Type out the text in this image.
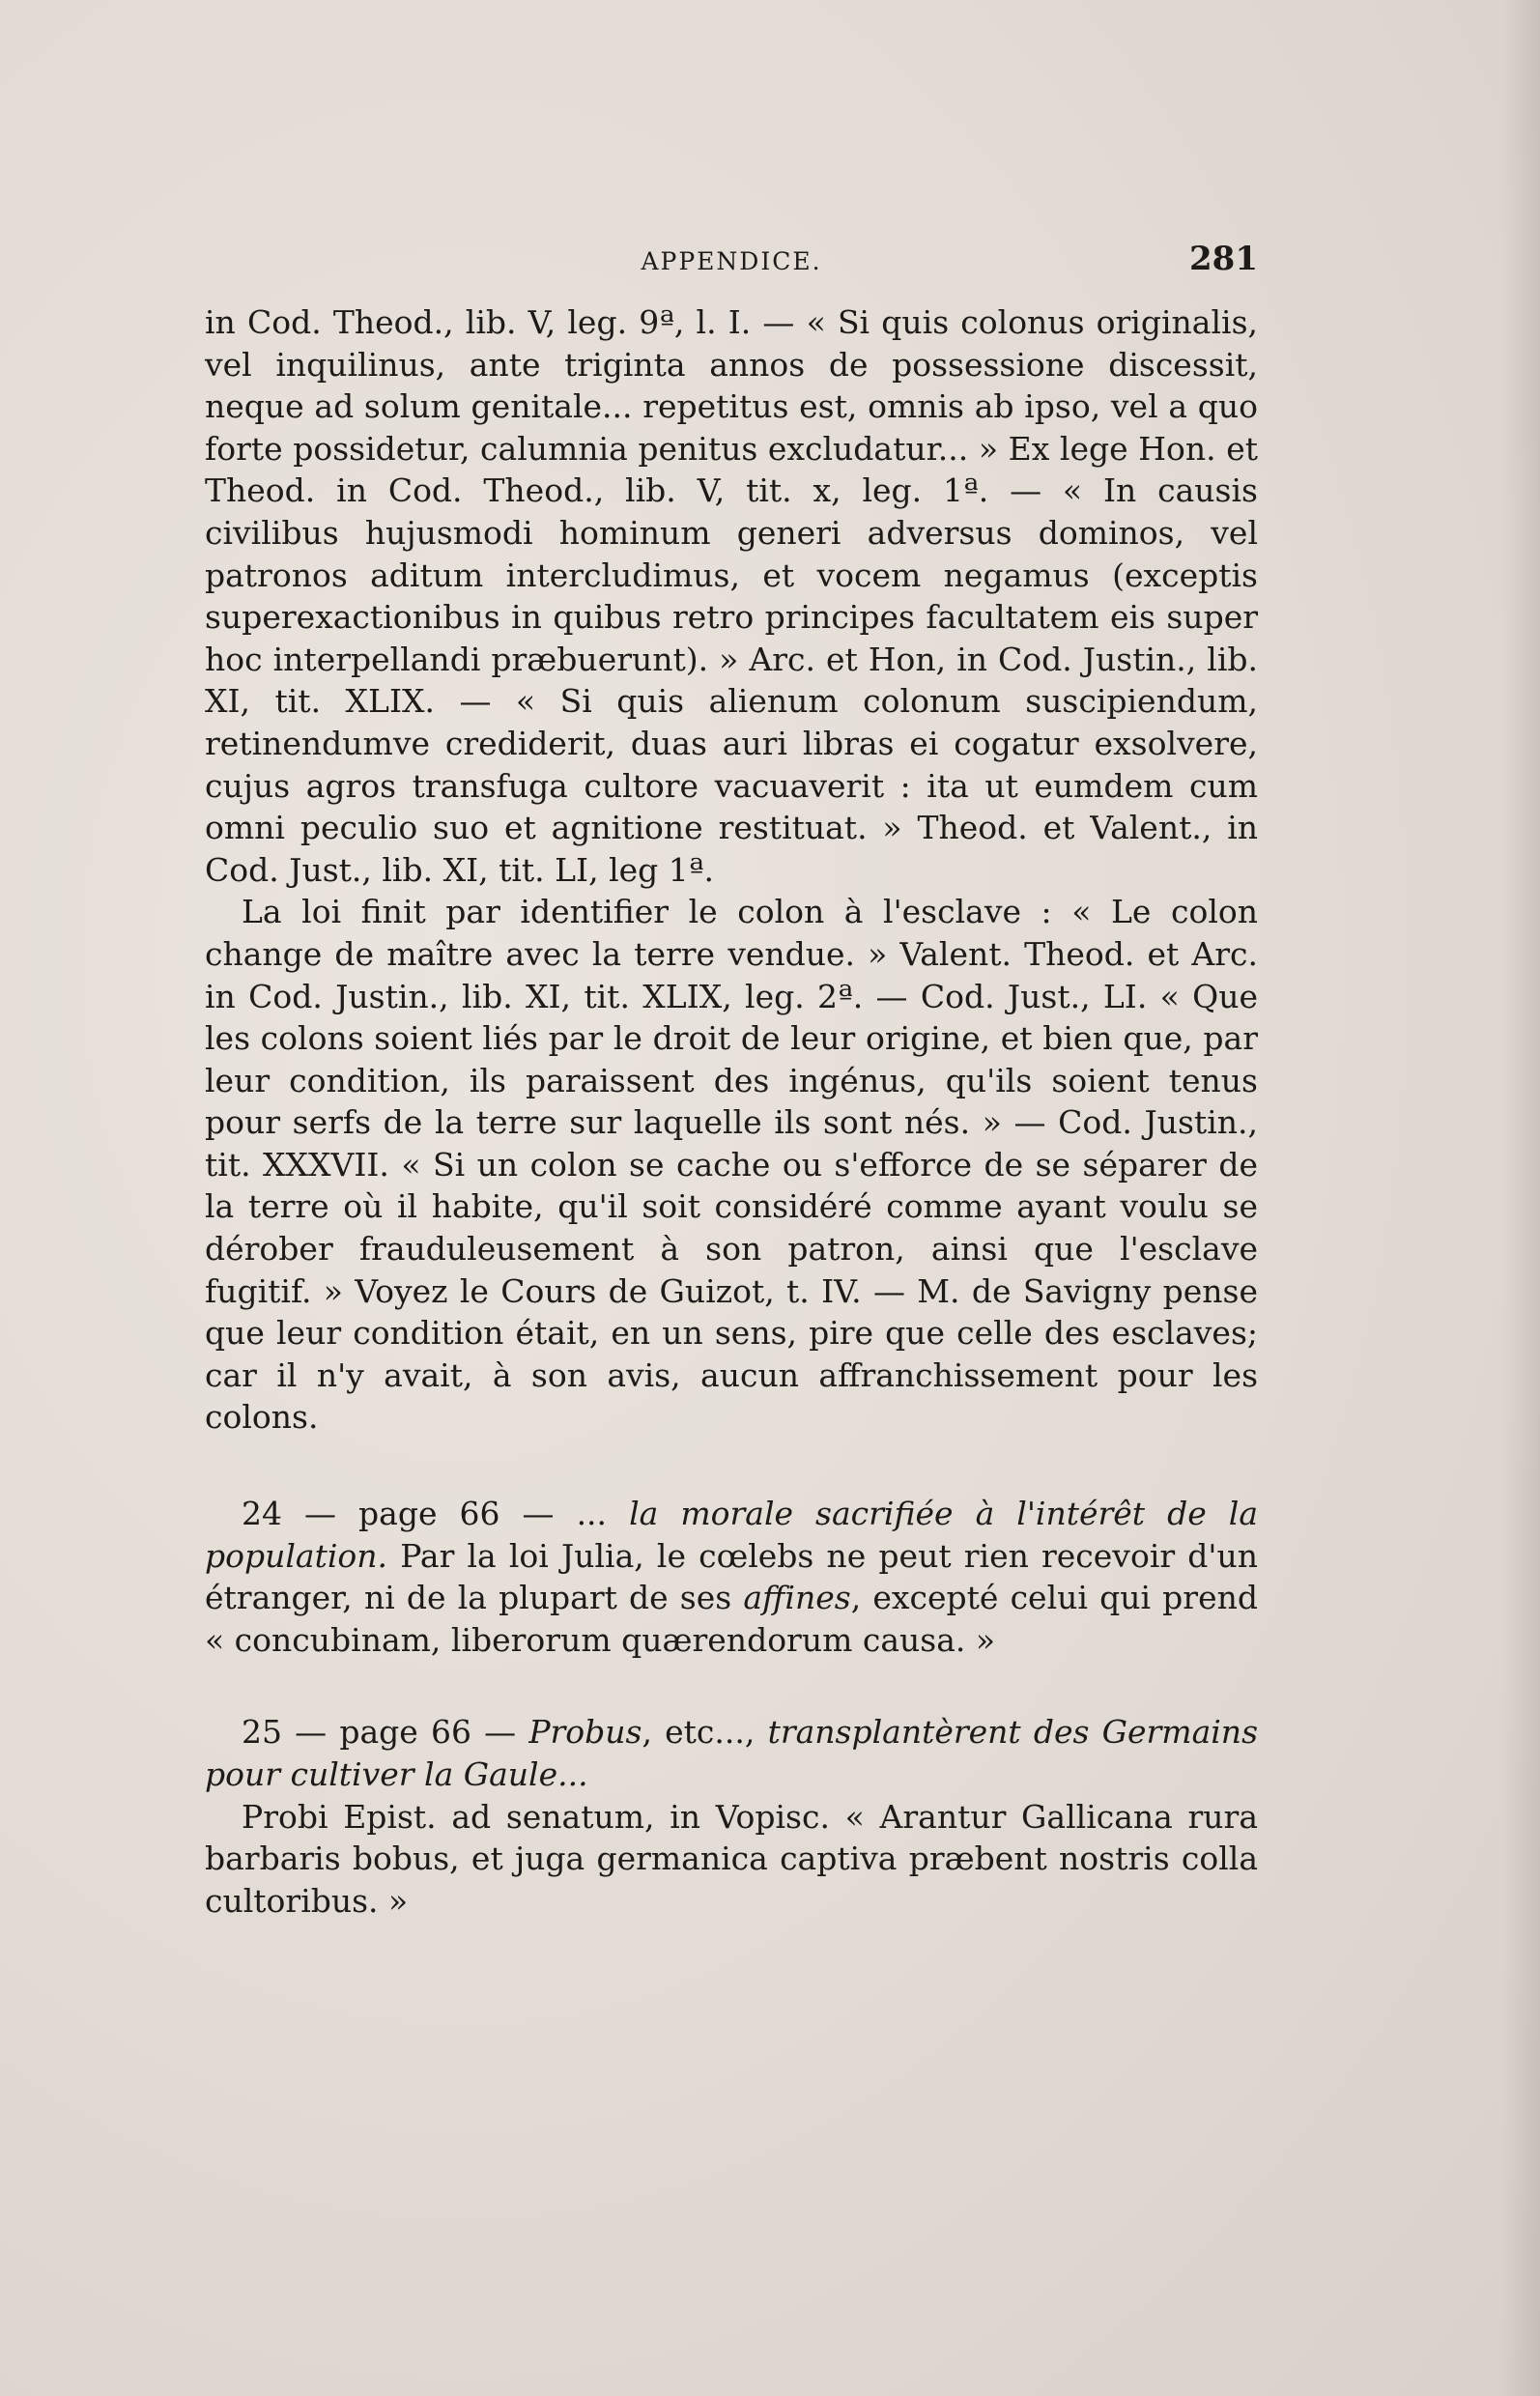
APPENDICE.	281

in Cod. Theod., lib. V, leg. 9ª, l. I. — « Si quis colonus originalis, vel inquilinus, ante triginta annos de possessione discessit, neque ad solum genitale... repetitus est, omnis ab ipso, vel a quo forte possidetur, calumnia penitus excludatur... » Ex lege Hon. et Theod. in Cod. Theod., lib. V, tit. x, leg. 1ª. — « In causis civilibus hujusmodi hominum generi adversus dominos, vel patronos aditum intercludimus, et vocem negamus (exceptis superexactionibus in quibus retro principes facultatem eis super hoc interpellandi præbuerunt). » Arc. et Hon, in Cod. Justin., lib. XI, tit. XLIX. — « Si quis alienum colonum suscipiendum, retinendumve crediderit, duas auri libras ei cogatur exsolvere, cujus agros transfuga cultore vacuaverit : ita ut eumdem cum omni peculio suo et agnitione restituat. » Theod. et Valent., in Cod. Just., lib. XI, tit. LI, leg 1ª.

La loi finit par identifier le colon à l'esclave : « Le colon change de maître avec la terre vendue. » Valent. Theod. et Arc. in Cod. Justin., lib. XI, tit. XLIX, leg. 2ª. — Cod. Just., LI. « Que les colons soient liés par le droit de leur origine, et bien que, par leur condition, ils paraissent des ingénus, qu'ils soient tenus pour serfs de la terre sur laquelle ils sont nés. » — Cod. Justin., tit. XXXVII. « Si un colon se cache ou s'efforce de se séparer de la terre où il habite, qu'il soit considéré comme ayant voulu se dérober frauduleusement à son patron, ainsi que l'esclave fugitif. » Voyez le Cours de Guizot, t. IV. — M. de Savigny pense que leur condition était, en un sens, pire que celle des esclaves; car il n'y avait, à son avis, aucun affranchissement pour les colons.

24 — page 66 — ... la morale sacrifiée à l'intérêt de la population. Par la loi Julia, le cœlebs ne peut rien recevoir d'un étranger, ni de la plupart de ses affines, excepté celui qui prend « concubinam, liberorum quærendorum causa. »

25 — page 66 — Probus, etc..., transplantèrent des Germains pour cultiver la Gaule...

Probi Epist. ad senatum, in Vopisc. « Arantur Gallicana rura barbaris bobus, et juga germanica captiva præbent nostris colla cultoribus. »
